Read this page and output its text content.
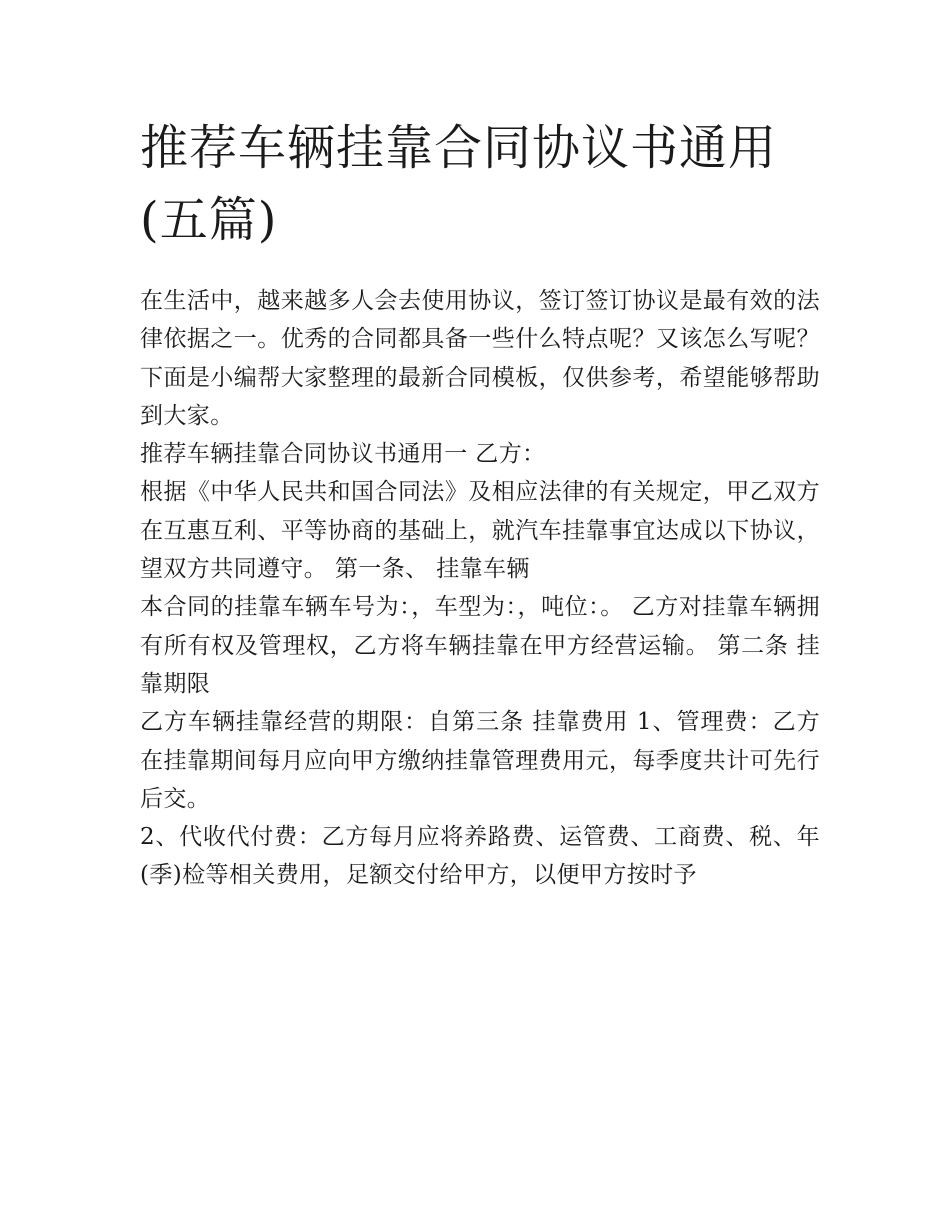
推荐车辆挂靠合同协议书通用(五篇)

在生活中，越来越多人会去使用协议，签订签订协议是最有效的法律依据之一。优秀的合同都具备一些什么特点呢？又该怎么写呢？下面是小编帮大家整理的最新合同模板，仅供参考，希望能够帮助到大家。

推荐车辆挂靠合同协议书通用一 乙方：

根据《中华人民共和国合同法》及相应法律的有关规定，甲乙双方在互惠互利、平等协商的基础上，就汽车挂靠事宜达成以下协议，望双方共同遵守。 第一条、 挂靠车辆

本合同的挂靠车辆车号为：，车型为：，吨位：。 乙方对挂靠车辆拥有所有权及管理权，乙方将车辆挂靠在甲方经营运输。 第二条 挂靠期限

乙方车辆挂靠经营的期限：自第三条 挂靠费用 1、管理费：乙方在挂靠期间每月应向甲方缴纳挂靠管理费用元，每季度共计可先行后交。

2、代收代付费：乙方每月应将养路费、运管费、工商费、税、年(季)检等相关费用，足额交付给甲方，以便甲方按时予
